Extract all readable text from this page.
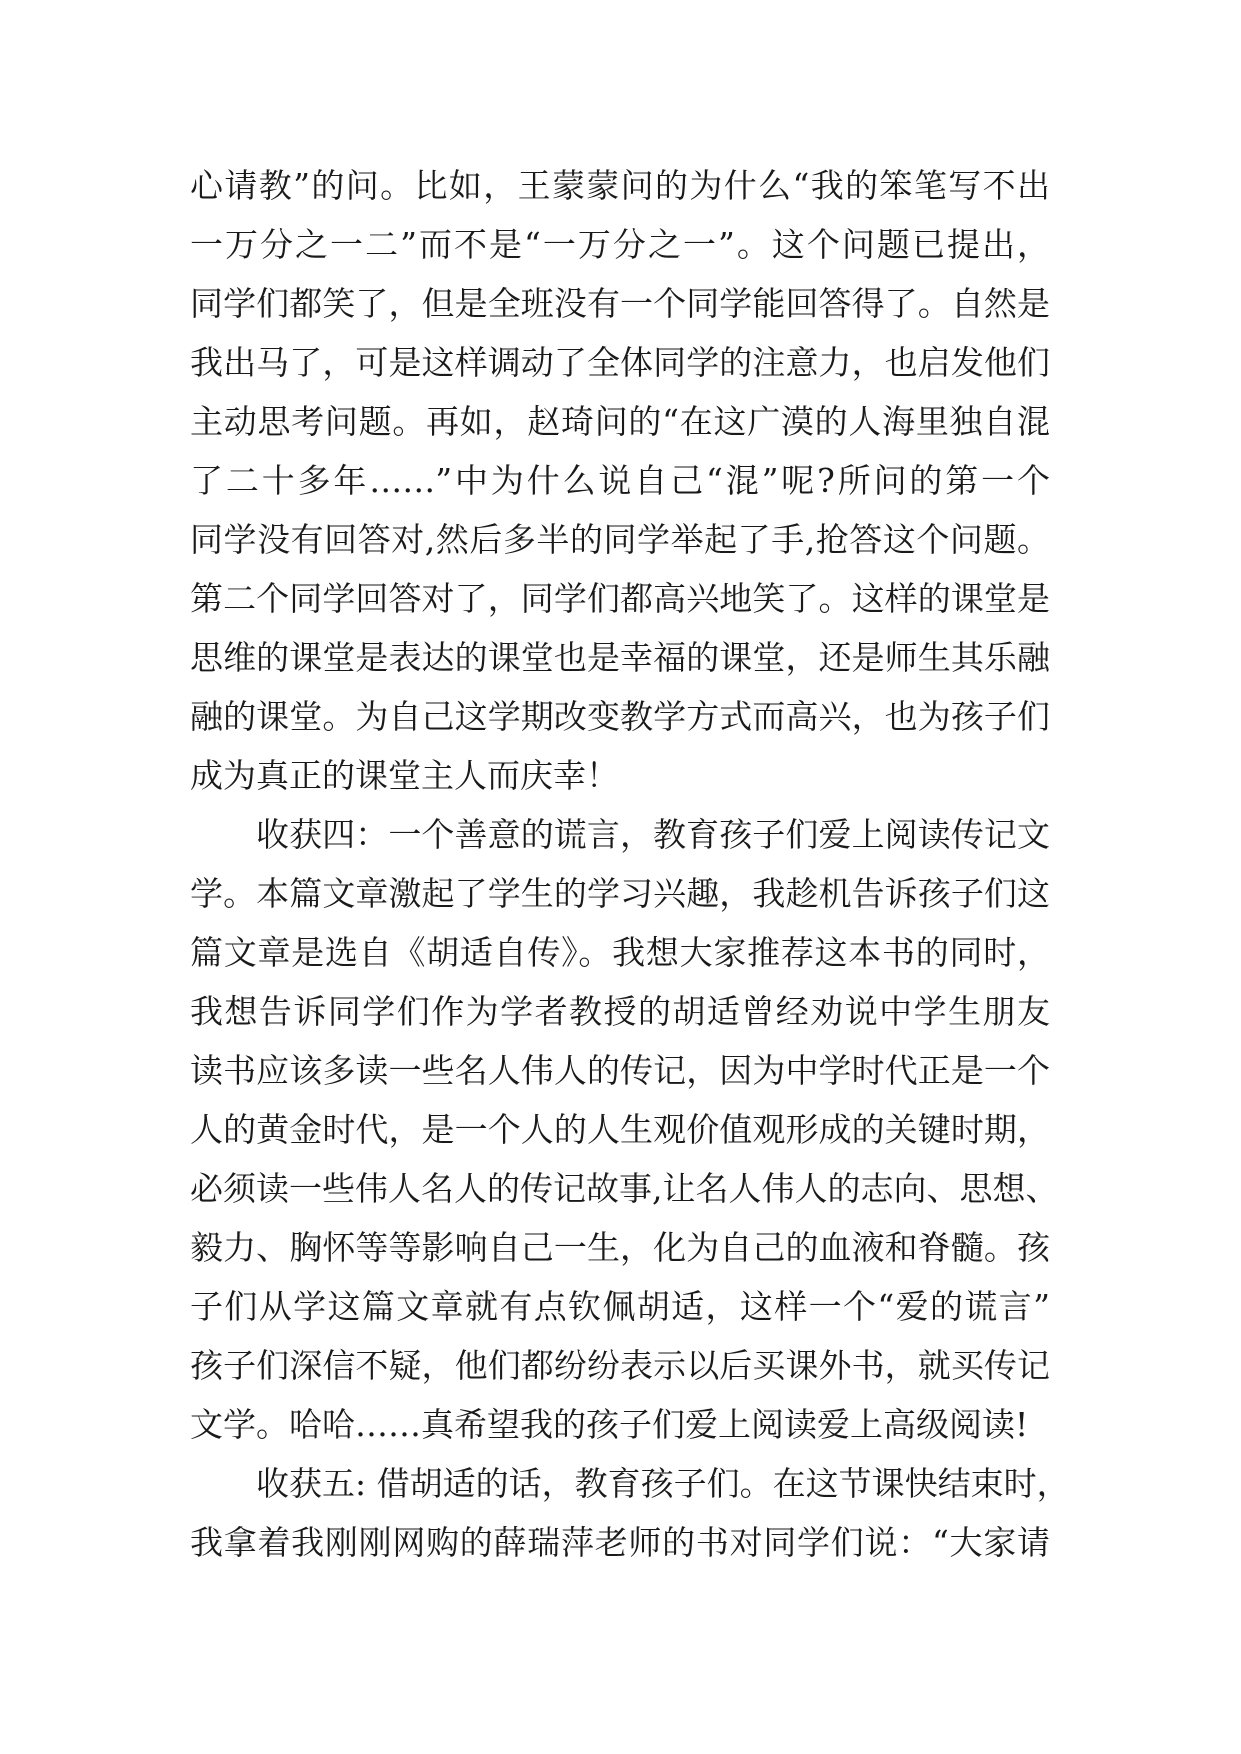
心请教”的问。比如，王蒙蒙问的为什么“我的笨笔写不出
一万分之一二”而不是“一万分之一”。这个问题已提出，
同学们都笑了，但是全班没有一个同学能回答得了。自然是
我出马了，可是这样调动了全体同学的注意力，也启发他们
主动思考问题。再如，赵琦问的“在这广漠的人海里独自混
了二十多年……”中为什么说自己“混”呢?所问的第一个
同学没有回答对,然后多半的同学举起了手,抢答这个问题。
第二个同学回答对了，同学们都高兴地笑了。这样的课堂是
思维的课堂是表达的课堂也是幸福的课堂，还是师生其乐融
融的课堂。为自己这学期改变教学方式而高兴，也为孩子们
成为真正的课堂主人而庆幸！
收获四：一个善意的谎言，教育孩子们爱上阅读传记文
学。本篇文章激起了学生的学习兴趣，我趁机告诉孩子们这
篇文章是选自《胡适自传》。我想大家推荐这本书的同时，
我想告诉同学们作为学者教授的胡适曾经劝说中学生朋友
读书应该多读一些名人伟人的传记，因为中学时代正是一个
人的黄金时代，是一个人的人生观价值观形成的关键时期，
必须读一些伟人名人的传记故事,让名人伟人的志向、思想、
毅力、胸怀等等影响自己一生，化为自己的血液和脊髓。孩
子们从学这篇文章就有点钦佩胡适，这样一个“爱的谎言”
孩子们深信不疑，他们都纷纷表示以后买课外书，就买传记
文学。哈哈……真希望我的孩子们爱上阅读爱上高级阅读!
收获五: 借胡适的话，教育孩子们。在这节课快结束时，
我拿着我刚刚网购的薛瑞萍老师的书对同学们说：“大家请
